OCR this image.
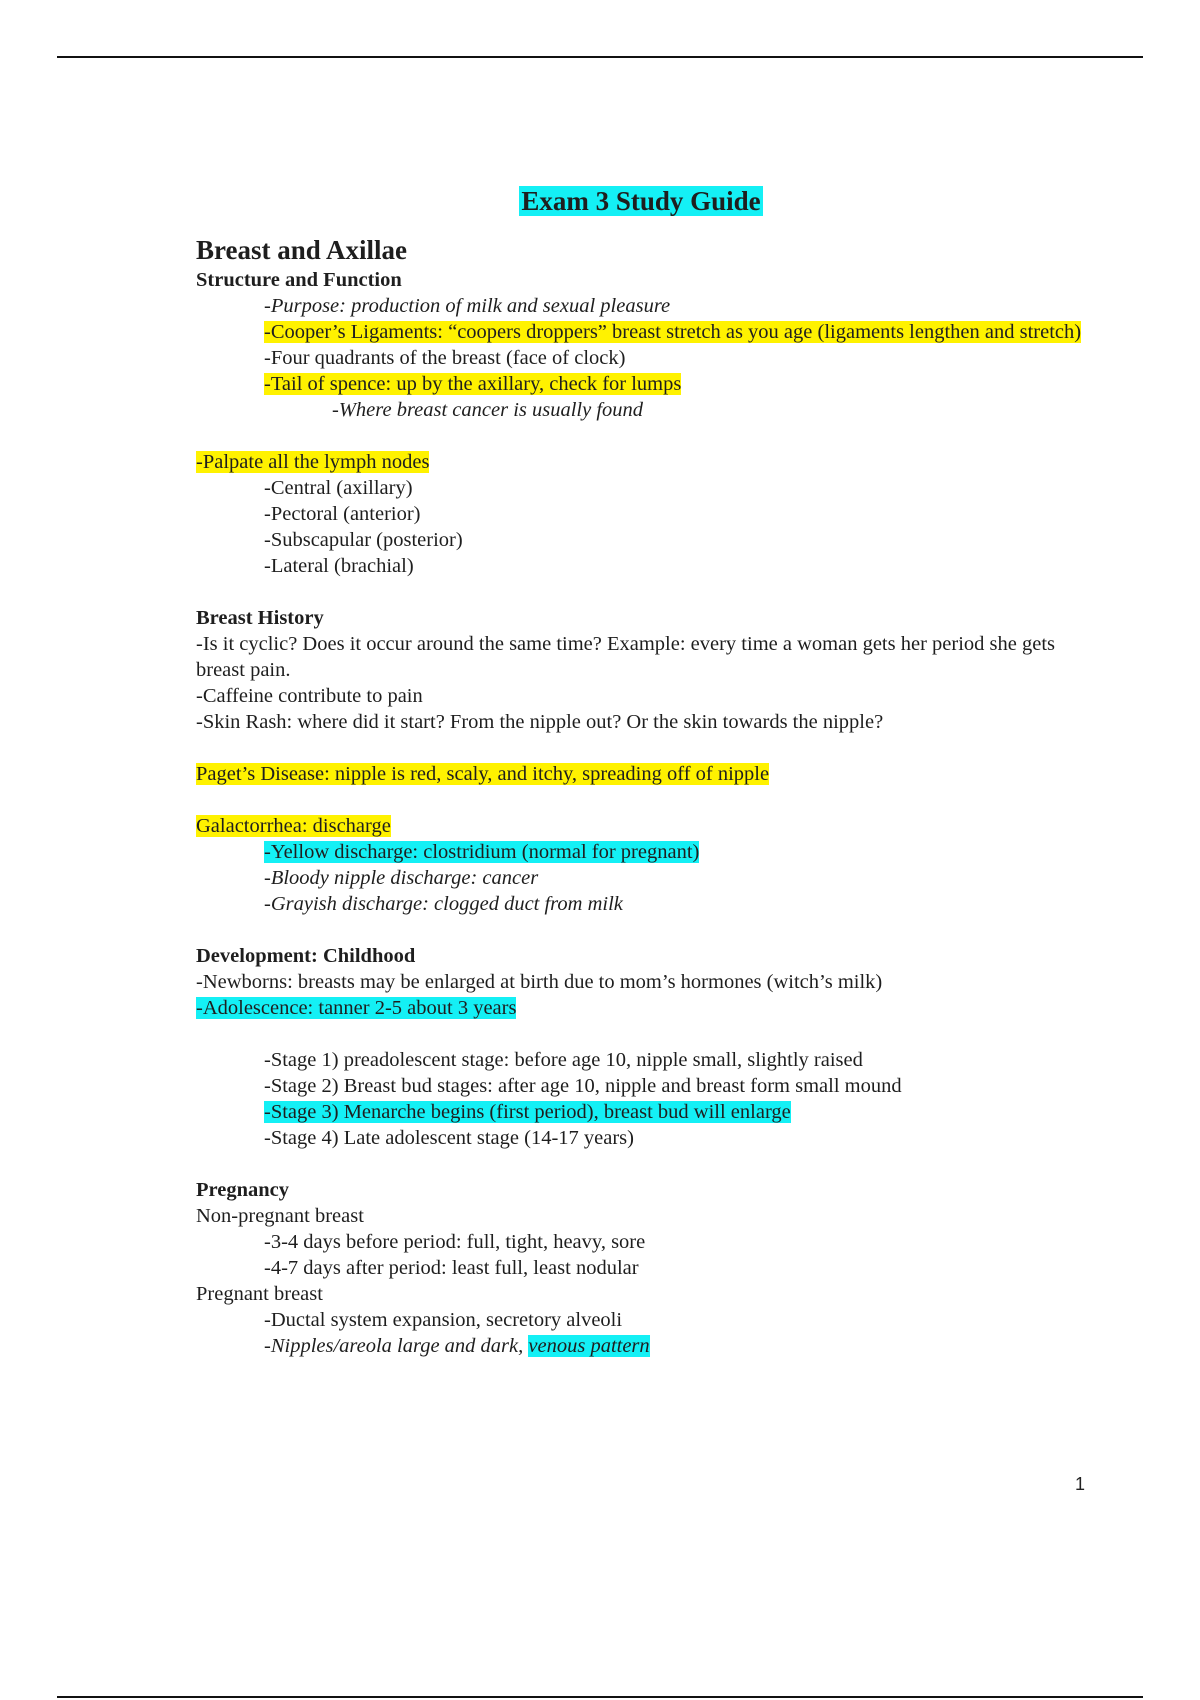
Exam 3 Study Guide
Breast and Axillae
Structure and Function
-Purpose: production of milk and sexual pleasure
-Cooper’s Ligaments: “coopers droppers” breast stretch as you age (ligaments lengthen and stretch)
-Four quadrants of the breast (face of clock)
-Tail of spence: up by the axillary, check for lumps
-Where breast cancer is usually found
-Palpate all the lymph nodes
-Central (axillary)
-Pectoral (anterior)
-Subscapular (posterior)
-Lateral (brachial)
Breast History
-Is it cyclic? Does it occur around the same time? Example: every time a woman gets her period she gets breast pain.
-Caffeine contribute to pain
-Skin Rash: where did it start? From the nipple out? Or the skin towards the nipple?
Paget’s Disease: nipple is red, scaly, and itchy, spreading off of nipple
Galactorrhea: discharge
-Yellow discharge: clostridium (normal for pregnant)
-Bloody nipple discharge: cancer
-Grayish discharge: clogged duct from milk
Development: Childhood
-Newborns: breasts may be enlarged at birth due to mom’s hormones (witch’s milk)
-Adolescence: tanner 2-5 about 3 years
-Stage 1) preadolescent stage: before age 10, nipple small, slightly raised
-Stage 2) Breast bud stages: after age 10, nipple and breast form small mound
-Stage 3) Menarche begins (first period), breast bud will enlarge
-Stage 4) Late adolescent stage (14-17 years)
Pregnancy
Non-pregnant breast
-3-4 days before period: full, tight, heavy, sore
-4-7 days after period: least full, least nodular
Pregnant breast
-Ductal system expansion, secretory alveoli
-Nipples/areola large and dark, venous pattern
1
